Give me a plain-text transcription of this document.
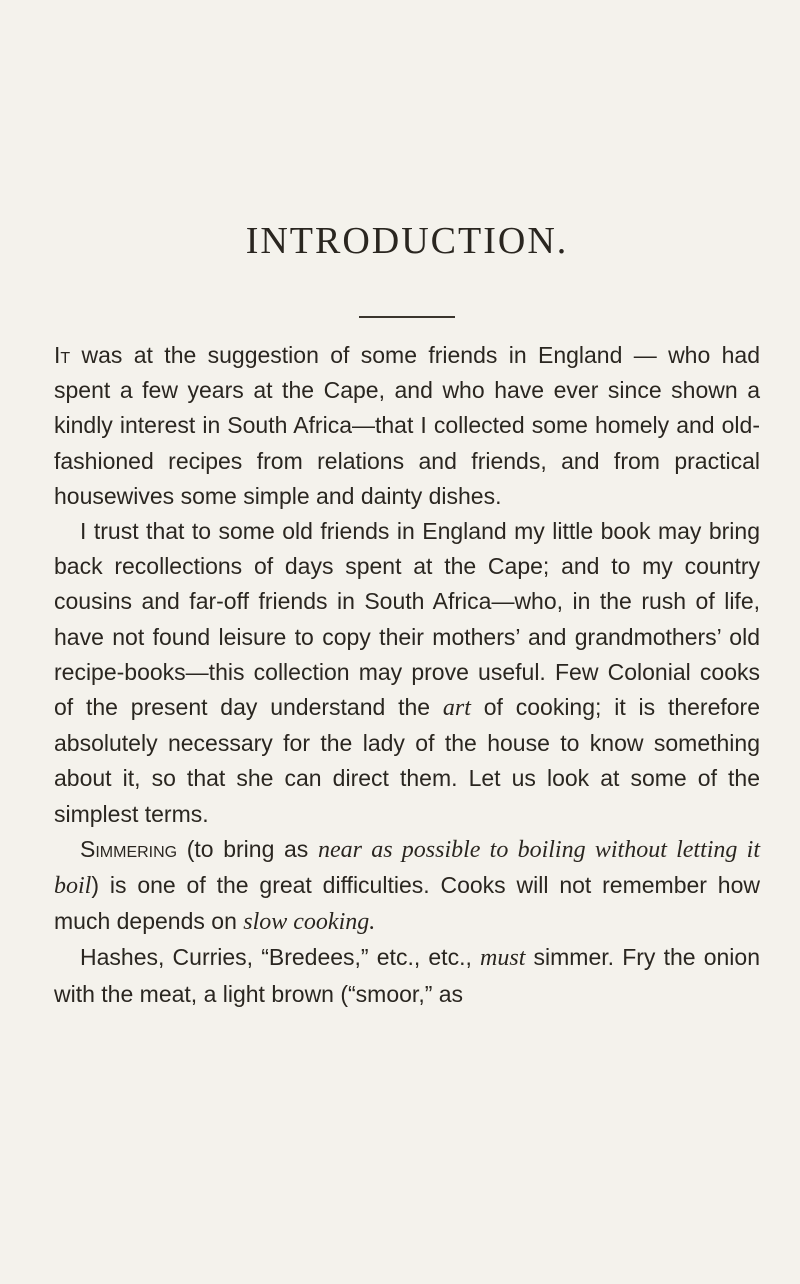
INTRODUCTION.

It was at the suggestion of some friends in England — who had spent a few years at the Cape, and who have ever since shown a kindly interest in South Africa—that I collected some homely and old-fashioned recipes from relations and friends, and from practical housewives some simple and dainty dishes.

I trust that to some old friends in England my little book may bring back recollections of days spent at the Cape; and to my country cousins and far-off friends in South Africa—who, in the rush of life, have not found leisure to copy their mothers’ and grandmothers’ old recipe-books—this collection may prove useful. Few Colonial cooks of the present day understand the art of cooking; it is therefore absolutely necessary for the lady of the house to know something about it, so that she can direct them. Let us look at some of the simplest terms.

Simmering (to bring as near as possible to boiling without letting it boil) is one of the great difficulties. Cooks will not remember how much depends on slow cooking.

Hashes, Curries, “Bredees,” etc., etc., must simmer. Fry the onion with the meat, a light brown (“smoor,” as
